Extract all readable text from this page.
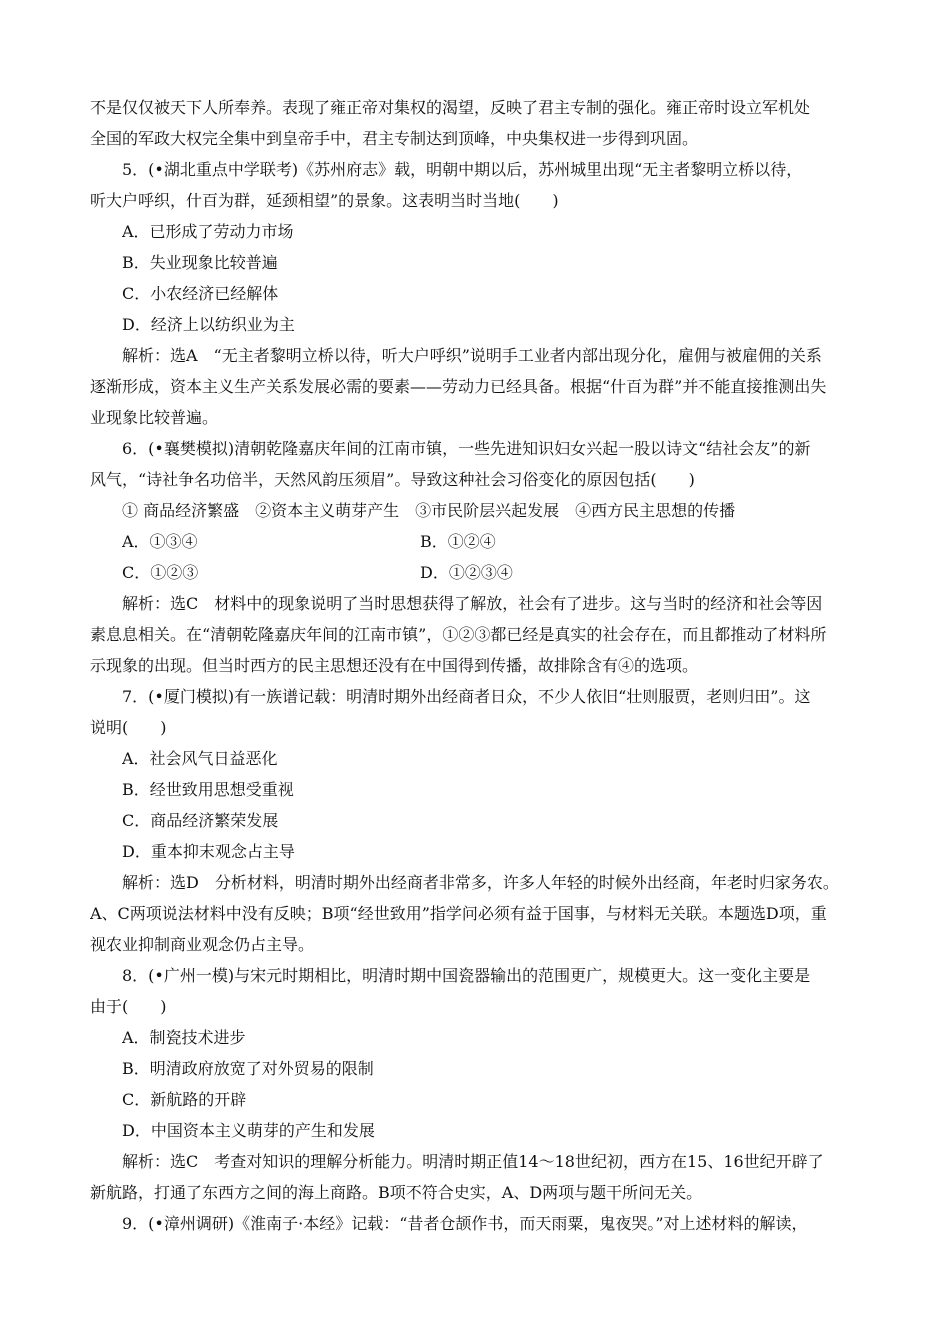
不是仅仅被天下人所奉养。表现了雍正帝对集权的渴望，反映了君主专制的强化。雍正帝时设立军机处
全国的军政大权完全集中到皇帝手中，君主专制达到顶峰，中央集权进一步得到巩固。
5．(•湖北重点中学联考)《苏州府志》载，明朝中期以后，苏州城里出现“无主者黎明立桥以待，
听大户呼织，什百为群，延颈相望”的景象。这表明当时当地(　　)
A．已形成了劳动力市场
B．失业现象比较普遍
C．小农经济已经解体
D．经济上以纺织业为主
解析：选A　“无主者黎明立桥以待，听大户呼织”说明手工业者内部出现分化，雇佣与被雇佣的关系
逐渐形成，资本主义生产关系发展必需的要素——劳动力已经具备。根据“什百为群”并不能直接推测出失
业现象比较普遍。
6．(•襄樊模拟)清朝乾隆嘉庆年间的江南市镇，一些先进知识妇女兴起一股以诗文“结社会友”的新
风气，“诗社争名功倍半，天然风韵压须眉”。导致这种社会习俗变化的原因包括(　　)
① 商品经济繁盛　②资本主义萌芽产生　③市民阶层兴起发展　④西方民主思想的传播
A．①③④	B．①②④
C．①②③	D．①②③④
解析：选C　材料中的现象说明了当时思想获得了解放，社会有了进步。这与当时的经济和社会等因
素息息相关。在“清朝乾隆嘉庆年间的江南市镇”，①②③都已经是真实的社会存在，而且都推动了材料所
示现象的出现。但当时西方的民主思想还没有在中国得到传播，故排除含有④的选项。
7．(•厦门模拟)有一族谱记载：明清时期外出经商者日众，不少人依旧“壮则服贾，老则归田”。这
说明(　　)
A．社会风气日益恶化
B．经世致用思想受重视
C．商品经济繁荣发展
D．重本抑末观念占主导
解析：选D　分析材料，明清时期外出经商者非常多，许多人年轻的时候外出经商，年老时归家务农。
A、C两项说法材料中没有反映；B项“经世致用”指学问必须有益于国事，与材料无关联。本题选D项，重
视农业抑制商业观念仍占主导。
8．(•广州一模)与宋元时期相比，明清时期中国瓷器输出的范围更广，规模更大。这一变化主要是
由于(　　)
A．制瓷技术进步
B．明清政府放宽了对外贸易的限制
C．新航路的开辟
D．中国资本主义萌芽的产生和发展
解析：选C　考查对知识的理解分析能力。明清时期正值14～18世纪初，西方在15、16世纪开辟了
新航路，打通了东西方之间的海上商路。B项不符合史实，A、D两项与题干所问无关。
9．(•漳州调研)《淮南子·本经》记载：“昔者仓颉作书，而天雨粟，鬼夜哭。”对上述材料的解读，
